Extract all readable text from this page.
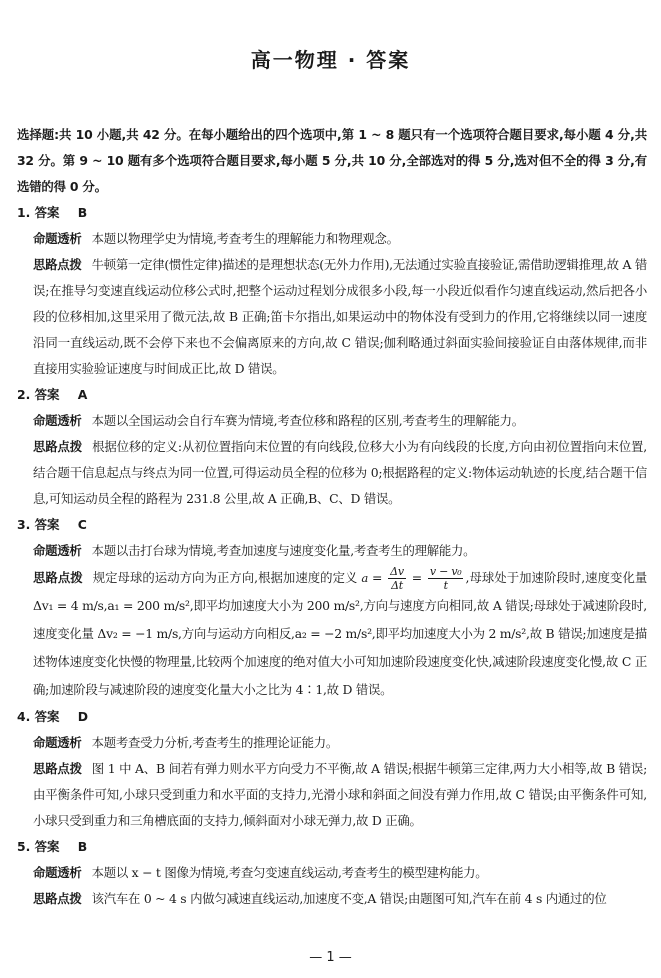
高一物理 · 答案
选择题:共 10 小题,共 42 分。在每小题给出的四个选项中,第 1 ~ 8 题只有一个选项符合题目要求,每小题 4 分,共 32 分。第 9 ~ 10 题有多个选项符合题目要求,每小题 5 分,共 10 分,全部选对的得 5 分,选对但不全的得 3 分,有选错的得 0 分。
1. 答案 B
命题透析 本题以物理学史为情境,考查考生的理解能力和物理观念。
思路点拨 牛顿第一定律(惯性定律)描述的是理想状态(无外力作用),无法通过实验直接验证,需借助逻辑推理,故 A 错误;在推导匀变速直线运动位移公式时,把整个运动过程划分成很多小段,每一小段近似看作匀速直线运动,然后把各小段的位移相加,这里采用了微元法,故 B 正确;笛卡尔指出,如果运动中的物体没有受到力的作用,它将继续以同一速度沿同一直线运动,既不会停下来也不会偏离原来的方向,故 C 错误;伽利略通过斜面实验间接验证自由落体规律,而非直接用实验验证速度与时间成正比,故 D 错误。
2. 答案 A
命题透析 本题以全国运动会自行车赛为情境,考查位移和路程的区别,考查考生的理解能力。
思路点拨 根据位移的定义:从初位置指向末位置的有向线段,位移大小为有向线段的长度,方向由初位置指向末位置,结合题干信息起点与终点为同一位置,可得运动员全程的位移为 0;根据路程的定义:物体运动轨迹的长度,结合题干信息,可知运动员全程的路程为 231.8 公里,故 A 正确,B、C、D 错误。
3. 答案 C
命题透析 本题以击打台球为情境,考查加速度与速度变化量,考查考生的理解能力。
思路点拨 规定母球的运动方向为正方向,根据加速度的定义 $a = \frac{\Delta v}{\Delta t} = \frac{\text{v − v₀}}{t}$ ,母球处于加速阶段时,速度变化量 Δv₁ = 4 m/s,a₁ = 200 m/s²,即平均加速度大小为 200 m/s²,方向与速度方向相同,故 A 错误;母球处于减速阶段时,速度变化量 Δv₂ = −1 m/s,方向与运动方向相反,a₂ = −2 m/s²,即平均加速度大小为 2 m/s²,故 B 错误;加速度是描述物体速度变化快慢的物理量,比较两个加速度的绝对值大小可知加速阶段速度变化快,减速阶段速度变化慢,故 C 正确;加速阶段与减速阶段的速度变化量大小之比为 4∶1,故 D 错误。
4. 答案 D
命题透析 本题考查受力分析,考查考生的推理论证能力。
思路点拨 图 1 中 A、B 间若有弹力则水平方向受力不平衡,故 A 错误;根据牛顿第三定律,两力大小相等,故 B 错误;由平衡条件可知,小球只受到重力和水平面的支持力,光滑小球和斜面之间没有弹力作用,故 C 错误;由平衡条件可知,小球只受到重力和三角槽底面的支持力,倾斜面对小球无弹力,故 D 正确。
5. 答案 B
命题透析 本题以 x − t 图像为情境,考查匀变速直线运动,考查考生的模型建构能力。
思路点拨 该汽车在 0 ~ 4 s 内做匀减速直线运动,加速度不变,A 错误;由题图可知,汽车在前 4 s 内通过的位
— 1 —
